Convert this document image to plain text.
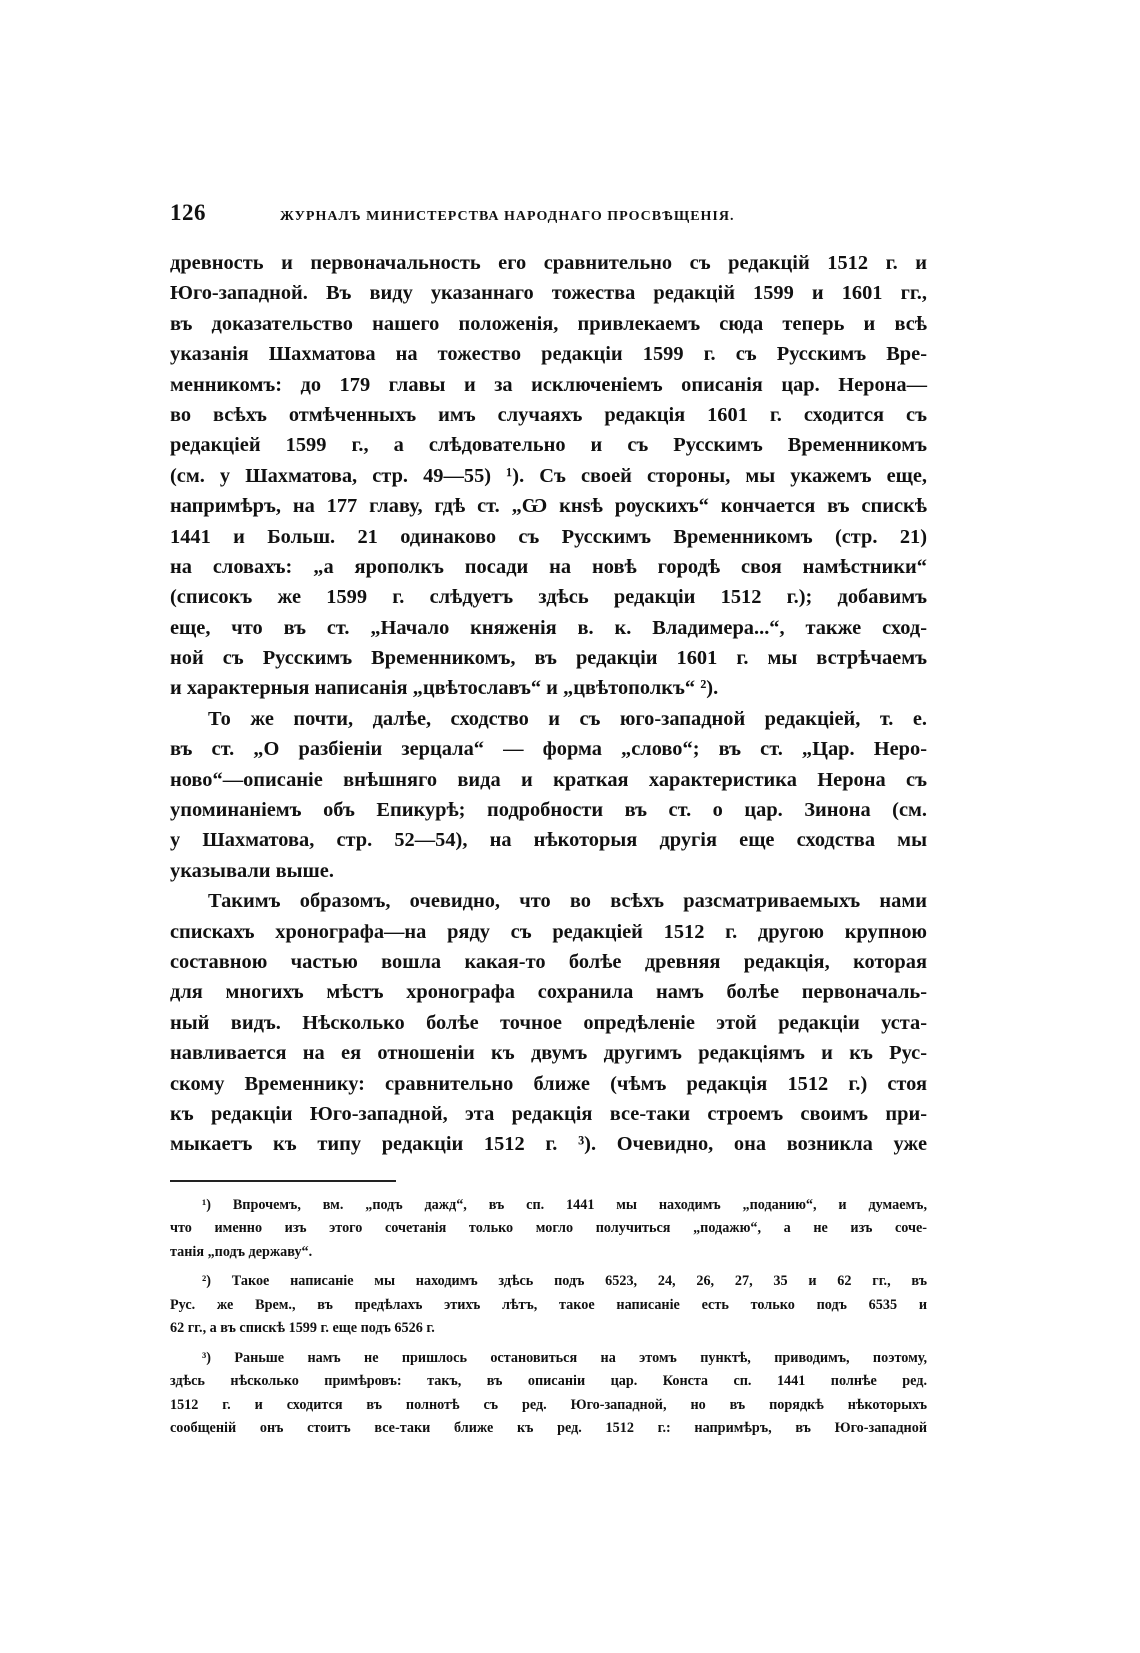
126	ЖУРНАЛЪ МИНИСТЕРСТВА НАРОДНАГО ПРОСВѢЩЕНІЯ.
древность и первоначальность его сравнительно съ редакцій 1512 г. и
Юго-западной. Въ виду указаннаго тожества редакцій 1599 и 1601 гг.,
въ доказательство нашего положенія, привлекаемъ сюда теперь и всѣ
указанія Шахматова на тожество редакціи 1599 г. съ Русскимъ Вре-
менникомъ: до 179 главы и за исключеніемъ описанія цар. Нерона—
во всѣхъ отмѣченныхъ имъ случаяхъ редакція 1601 г. сходится съ
редакціей 1599 г., а слѣдовательно и съ Русскимъ Временникомъ
(см. у Шахматова, стр. 49—55) ¹). Съ своей стороны, мы укажемъ еще,
напримѣръ, на 177 главу, гдѣ ст. „Ѡ кнѕѣ рѹскихъ“ кончается въ спискѣ
1441 и Больш. 21 одинаково съ Русскимъ Временникомъ (стр. 21)
на словахъ: „а ярополкъ посади на новѣ городѣ своя намѣстники“
(списокъ же 1599 г. слѣдуетъ здѣсь редакціи 1512 г.); добавимъ
еще, что въ ст. „Начало княженія в. к. Владимера...“, также сход-
ной съ Русскимъ Временникомъ, въ редакціи 1601 г. мы встрѣчаемъ
и характерныя написанія „цвѣтославъ“ и „цвѣтополкъ“ ²).
То же почти, далѣе, сходство и съ юго-западной редакціей, т. е.
въ ст. „О разбіеніи зерцала“ — форма „слово“; въ ст. „Цар. Неро-
ново“—описаніе внѣшняго вида и краткая характеристика Нерона съ
упоминаніемъ объ Епикурѣ; подробности въ ст. о цар. Зинона (см.
у Шахматова, стр. 52—54), на нѣкоторыя другія еще сходства мы
указывали выше.
Такимъ образомъ, очевидно, что во всѣхъ разсматриваемыхъ нами
спискахъ хронографа—на ряду съ редакціей 1512 г. другою крупною
составною частью вошла какая-то болѣе древняя редакція, которая
для многихъ мѣстъ хронографа сохранила намъ болѣе первоначаль-
ный видъ. Нѣсколько болѣе точное опредѣленіе этой редакціи уста-
навливается на ея отношеніи къ двумъ другимъ редакціямъ и къ Рус-
скому Временнику: сравнительно ближе (чѣмъ редакція 1512 г.) стоя
къ редакціи Юго-западной, эта редакція все-таки строемъ своимъ при-
мыкаетъ къ типу редакціи 1512 г. ³). Очевидно, она возникла уже
¹) Впрочемъ, вм. „подъ дажд“, въ сп. 1441 мы находимъ „поданию“, и думаемъ,
что именно изъ этого сочетанія только могло получиться „подажю“, а не изъ соче-
танія „подъ державу“.
²) Такое написаніе мы находимъ здѣсь подъ 6523, 24, 26, 27, 35 и 62 гг., въ
Рус. же Врем., въ предѣлахъ этихъ лѣтъ, такое написаніе есть только подъ 6535 и
62 гг., а въ спискѣ 1599 г. еще подъ 6526 г.
³) Раньше намъ не пришлось остановиться на этомъ пунктѣ, приводимъ, поэтому,
здѣсь нѣсколько примѣровъ: такъ, въ описаніи цар. Констa сп. 1441 полнѣе ред.
1512 г. и сходится въ полнотѣ съ ред. Юго-западной, но въ порядкѣ нѣкоторыхъ
сообщеній онъ стоитъ все-таки ближе къ ред. 1512 г.: напримѣръ, въ Юго-западной
